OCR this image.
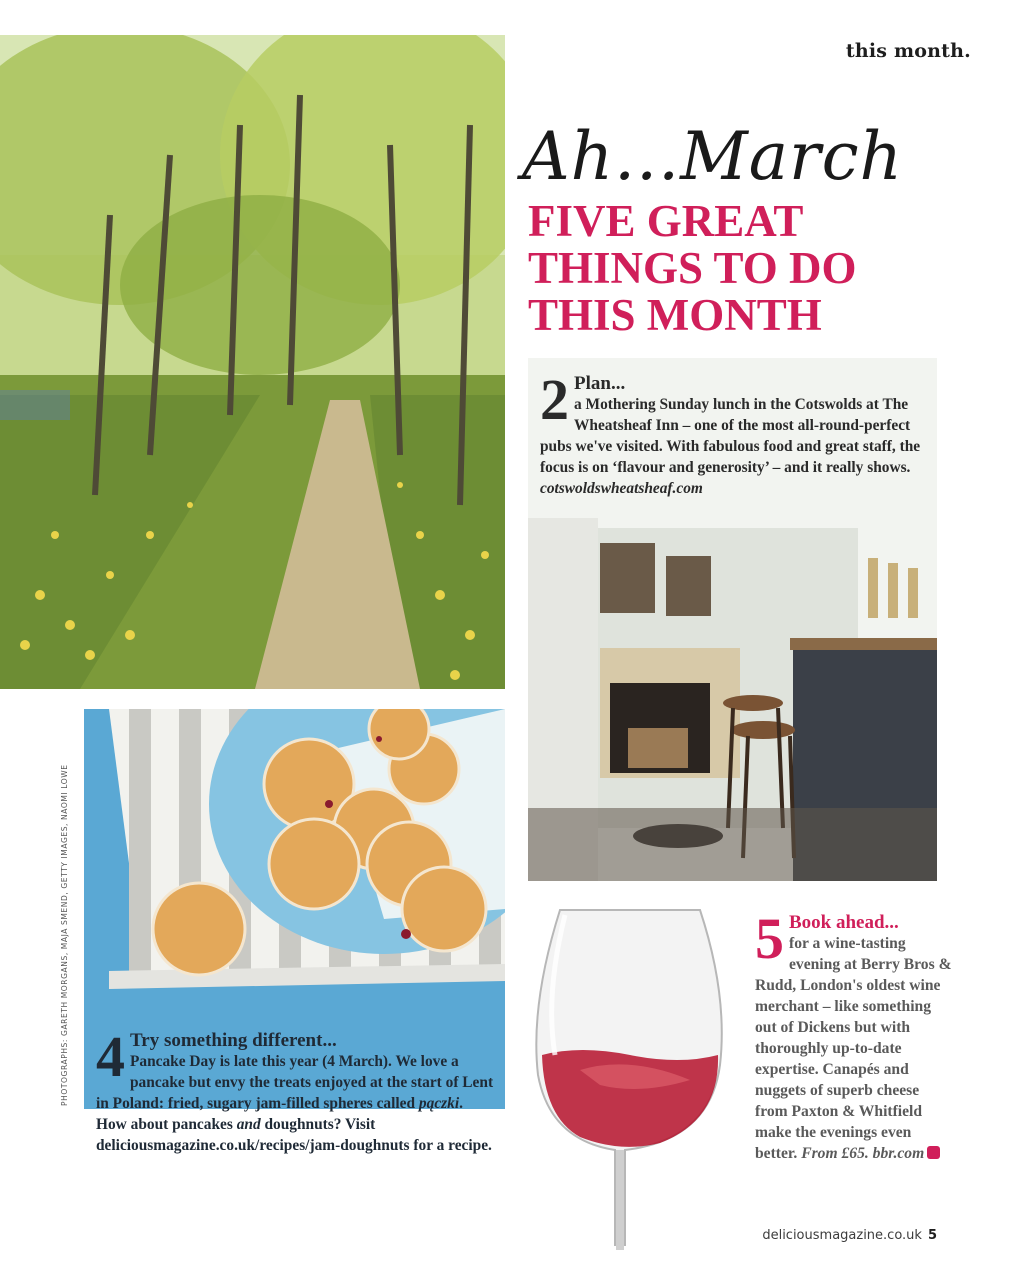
this month.
Ah...March
FIVE GREAT
THINGS TO DO
THIS MONTH
2 Plan...
a Mothering Sunday lunch in the Cotswolds at The Wheatsheaf Inn – one of the most all-round-perfect pubs we've visited. With fabulous food and great staff, the focus is on ‘flavour and generosity’ – and it really shows. cotswoldswheatsheaf.com
4 Try something different...
Pancake Day is late this year (4 March). We love a pancake but envy the treats enjoyed at the start of Lent in Poland: fried, sugary jam-filled spheres called pączki. How about pancakes and doughnuts? Visit deliciousmagazine.co.uk/recipes/jam-doughnuts for a recipe.
5 Book ahead...
for a wine-tasting evening at Berry Bros & Rudd, London's oldest wine merchant – like something out of Dickens but with thoroughly up-to-date expertise. Canapés and nuggets of superb cheese from Paxton & Whitfield make the evenings even better. From £65. bbr.com
PHOTOGRAPHS: GARETH MORGANS, MAJA SMEND, GETTY IMAGES, NAOMI LOWE
deliciousmagazine.co.uk 5
